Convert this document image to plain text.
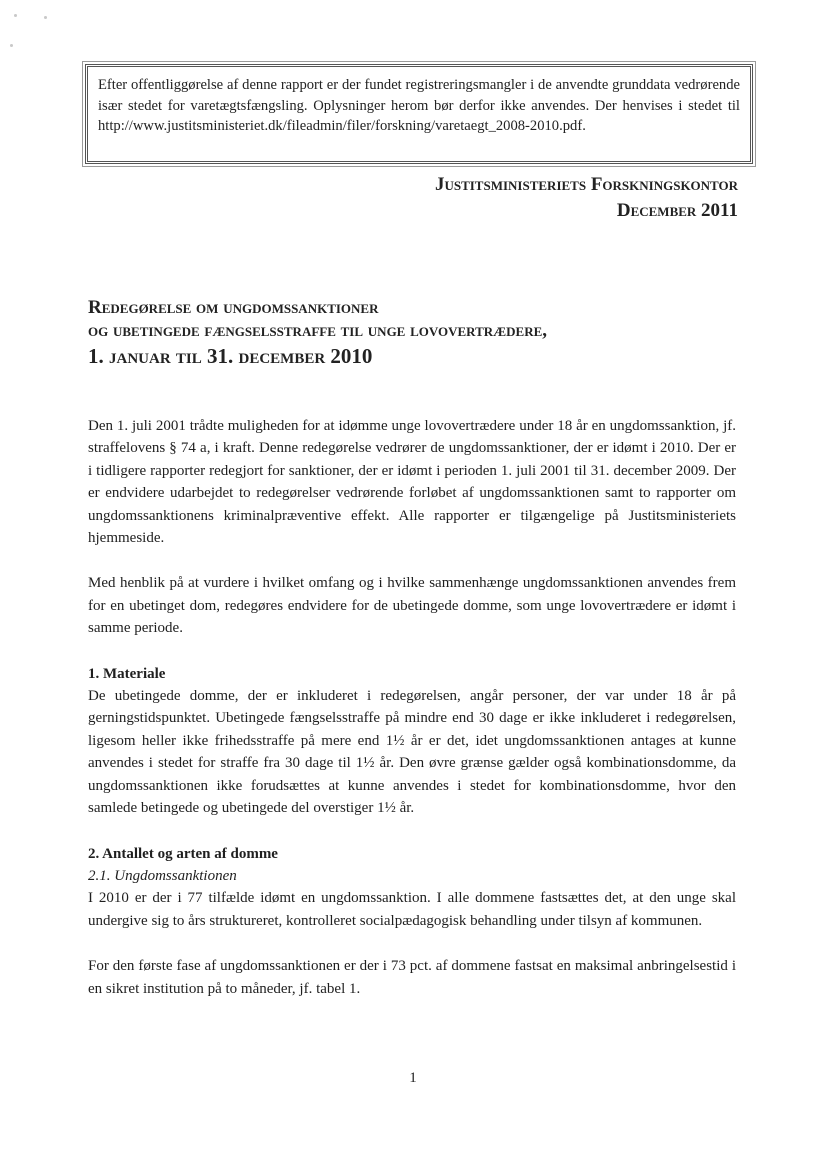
Efter offentliggørelse af denne rapport er der fundet registreringsmangler i de anvendte grunddata vedrørende især stedet for varetægtsfængsling. Oplysninger herom bør derfor ikke anvendes. Der henvises i stedet til http://www.justitsministeriet.dk/fileadmin/filer/forskning/varetaegt_2008-2010.pdf.

Justitsministeriets Forskningskontor
December 2011
Redegørelse om ungdomssanktioner
og ubetingede fængselsstraffe til unge lovovertrædere,
1. januar til 31. december 2010

Den 1. juli 2001 trådte muligheden for at idømme unge lovovertrædere under 18 år en ungdomssanktion, jf. straffelovens § 74 a, i kraft. Denne redegørelse vedrører de ungdomssanktioner, der er idømt i 2010. Der er i tidligere rapporter redegjort for sanktioner, der er idømt i perioden 1. juli 2001 til 31. december 2009. Der er endvidere udarbejdet to redegørelser vedrørende forløbet af ungdomssanktionen samt to rapporter om ungdomssanktionens kriminalpræventive effekt. Alle rapporter er tilgængelige på Justitsministeriets hjemmeside.

Med henblik på at vurdere i hvilket omfang og i hvilke sammenhænge ungdomssanktionen anvendes frem for en ubetinget dom, redegøres endvidere for de ubetingede domme, som unge lovovertrædere er idømt i samme periode.

1. Materiale

De ubetingede domme, der er inkluderet i redegørelsen, angår personer, der var under 18 år på gerningstidspunktet. Ubetingede fængselsstraffe på mindre end 30 dage er ikke inkluderet i redegørelsen, ligesom heller ikke frihedsstraffe på mere end 1½ år er det, idet ungdomssanktionen antages at kunne anvendes i stedet for straffe fra 30 dage til 1½ år. Den øvre grænse gælder også kombinationsdomme, da ungdomssanktionen ikke forudsættes at kunne anvendes i stedet for kombinationsdomme, hvor den samlede betingede og ubetingede del overstiger 1½ år.

2. Antallet og arten af domme

2.1. Ungdomssanktionen

I 2010 er der i 77 tilfælde idømt en ungdomssanktion. I alle dommene fastsættes det, at den unge skal undergive sig to års struktureret, kontrolleret socialpædagogisk behandling under tilsyn af kommunen.

For den første fase af ungdomssanktionen er der i 73 pct. af dommene fastsat en maksimal anbringelsestid i en sikret institution på to måneder, jf. tabel 1.

1
